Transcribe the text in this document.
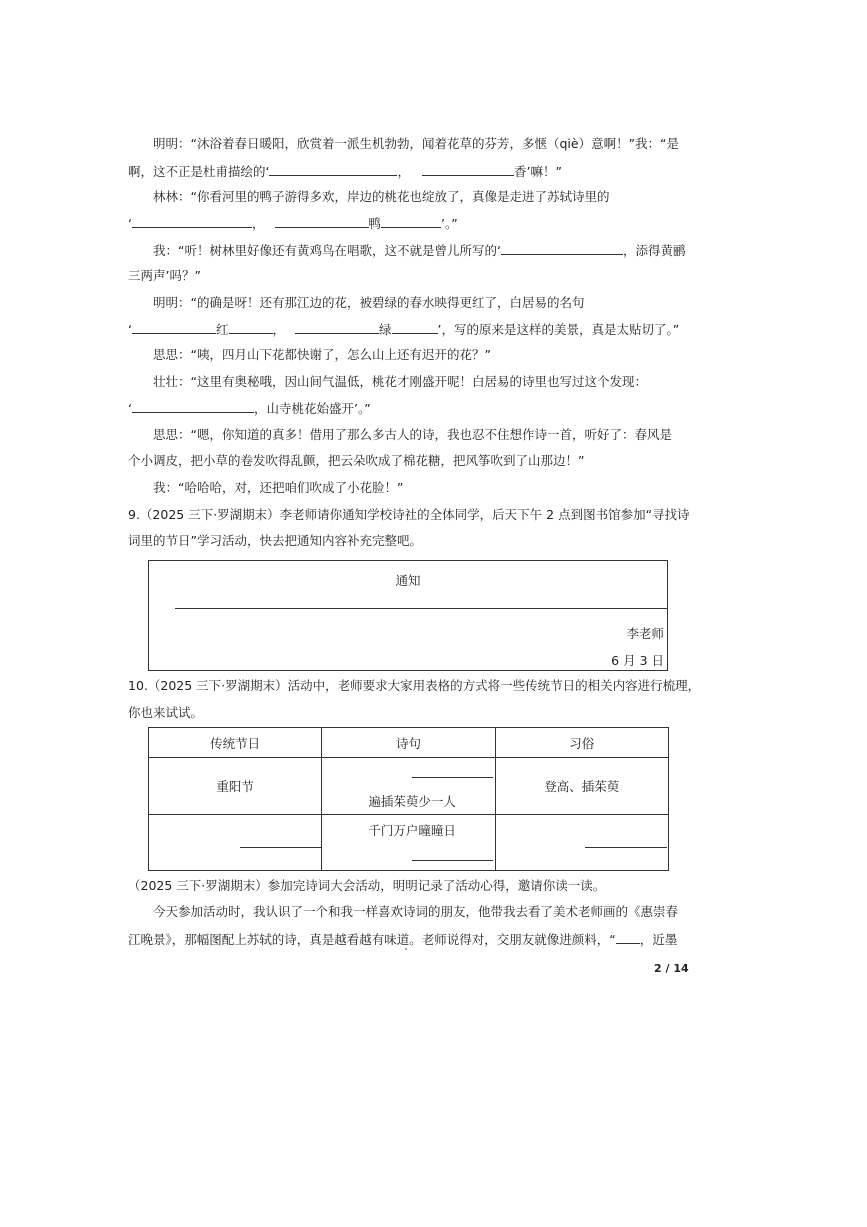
明明：“沐浴着春日暖阳，欣赏着一派生机勃勃，闻着花草的芬芳，多惬（qiè）意啊！”我：“是
啊，这不正是杜甫描绘的‘	，	香’嘛！”
林林：“你看河里的鸭子游得多欢，岸边的桃花也绽放了，真像是走进了苏轼诗里的
‘	，	鸭	’。”
我：“听！树林里好像还有黄鸡鸟在唱歌，这不就是曾儿所写的‘	，添得黄鹂
三两声’吗？”
明明：“的确是呀！还有那江边的花，被碧绿的春水映得更红了，白居易的名句
‘	红	，	绿	’，写的原来是这样的美景，真是太贴切了。”
思思：“咦，四月山下花都快谢了，怎么山上还有迟开的花？”
壮壮：“这里有奥秘哦，因山间气温低，桃花才刚盛开呢！白居易的诗里也写过这个发现：
‘	，山寺桃花始盛开’。”
思思：“嗯，你知道的真多！借用了那么多古人的诗，我也忍不住想作诗一首，听好了：春风是
个小调皮，把小草的卷发吹得乱颤，把云朵吹成了棉花糖，把风筝吹到了山那边！”
我：“哈哈哈，对，还把咱们吹成了小花脸！”
9.（2025 三下·罗湖期末）李老师请你通知学校诗社的全体同学，后天下午 2 点到图书馆参加“寻找诗
词里的节日”学习活动，快去把通知内容补充完整吧。
通知
李老师
6 月 3 日
10.（2025 三下·罗湖期末）活动中，老师要求大家用表格的方式将一些传统节日的相关内容进行梳理，
你也来试试。
传统节日	诗句	习俗
重阳节	遍插茱萸少一人	登高、插茱萸

	千门万户曈曈日	

（2025 三下·罗湖期末）参加完诗词大会活动，明明记录了活动心得，邀请你读一读。
今天参加活动时，我认识了一个和我一样喜欢诗词的朋友，他带我去看了美术老师画的《惠崇春
江晚景》，那幅图配上苏轼的诗，真是越看越有味道。老师说得对，交朋友就像进颜料，“ ，近墨
2 / 14
